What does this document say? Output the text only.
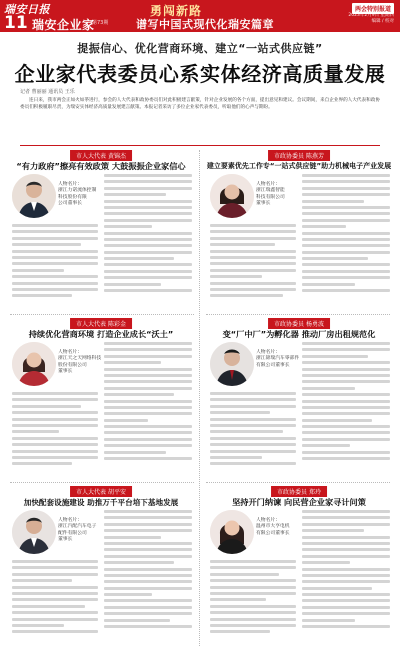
瑞安日报
11 瑞安企业家
第73期
勇闯新路
谱写中国式现代化瑞安篇章
两会特别报道
2023年2月9日 星期四
编辑 / 校对
提振信心、优化营商环境、建立“一站式供应链”
企业家代表委员心系实体经济高质量发展
记者 曹丽丽 通讯员 王乐

连日来，我市两会正如火如荼进行，参会的人大代表和政协委员们对此积极建言献策，针对企业发展的各个方面，提出意见和建议。会议期间，来自企业界的人大代表和政协委员们积极履职尽责，为瑞安实体经济高质量发展建言献策。本报记者采访了多位企业家代表委员，听取他们的心声与期盼。

市人大代表 黄锦杰
“有力政府”擦亮有效政策 大鼓振振企业家信心
人物名片：
浙江力诺流体控制
科技股份有限
公司董事长
市政协委员 陈燕芳
建立要素优先工作专“一站式供应链”助力机械电子产业发展
人物名片：
浙江瑞鑫智能
科技有限公司
董事长
市人大代表 陈彩金
持续优化营商环境 打造企业成长“沃土”
人物名片：
浙江天之天网络科技
股份有限公司
董事长
市政协委员 杨勇波
变“厂中厂”为孵化器 推动厂房出租规范化
人物名片：
浙江锦瑞汽车零部件
有限公司董事长
市人大代表 胡平安
加快配套设施建设 助推万千平台培下基地发展
人物名片：
浙江汽配汽车电子
配件有限公司
董事长
市政协委员 郑玲
坚持开门纳谏 向民营企业家寻计问策
人物名片：
温州市大亨电机
有限公司董事长
